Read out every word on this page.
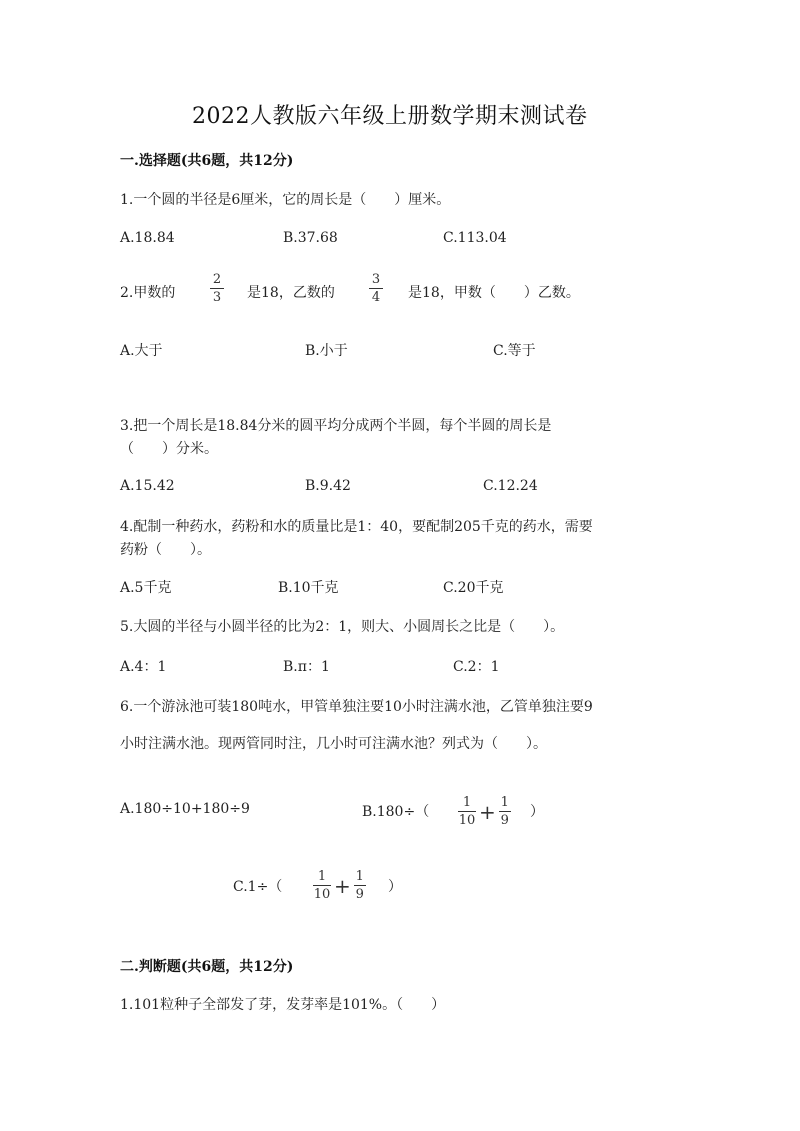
2022人教版六年级上册数学期末测试卷
一.选择题(共6题，共12分)
1.一个圆的半径是6厘米，它的周长是（　　）厘米。
A.18.84	B.37.68	C.113.04
2.甲数的
2
3 是18，乙数的
3
4 是18，甲数（　　）乙数。
A.大于	B.小于	C.等于
3.把一个周长是18.84分米的圆平均分成两个半圆，每个半圆的周长是
（　　）分米。
A.15.42	B.9.42	C.12.24
4.配制一种药水，药粉和水的质量比是1：40，要配制205千克的药水，需要
药粉（　　）。
A.5千克	B.10千克	C.20千克
5.大圆的半径与小圆半径的比为2：1，则大、小圆周长之比是（　　）。
A.4：1	B.π：1	C.2：1
6.一个游泳池可装180吨水，甲管单独注要10小时注满水池，乙管单独注要9
小时注满水池。现两管同时注，几小时可注满水池？列式为（　　）。
A.180÷10+180÷9	$B.180\div( \frac{1}{10} + \frac{1}{9}$ ）
$C.1\div( \frac{1}{10} + \frac{1}{9}$ ）
二.判断题(共6题，共12分)
1.101粒种子全部发了芽，发芽率是101%。（　　）
